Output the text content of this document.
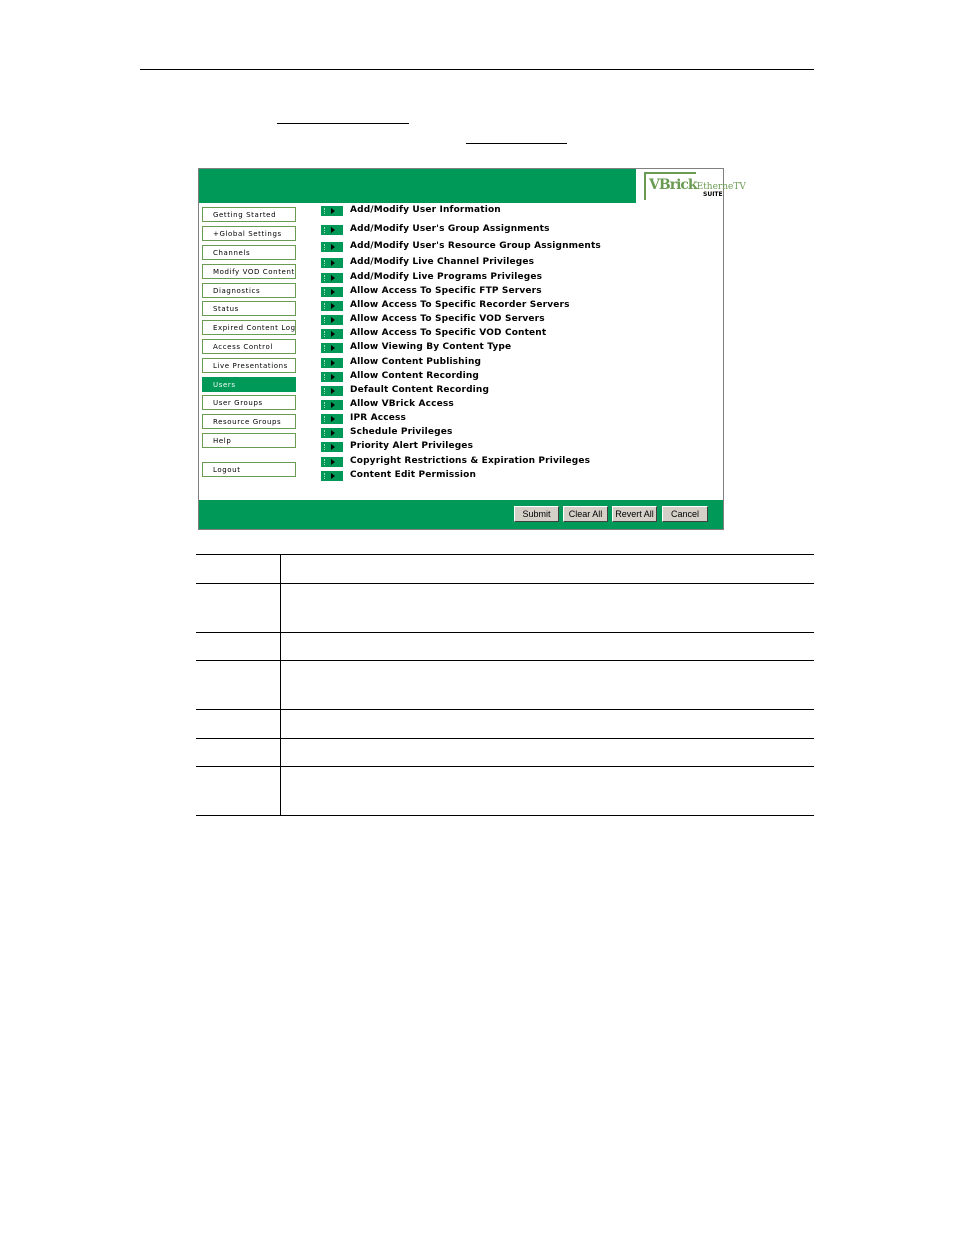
VBrickEtherneTV
SUITE
Getting Started
+Global Settings
Channels
Modify VOD Content
Diagnostics
Status
Expired Content Log
Access Control
Live Presentations
Users
User Groups
Resource Groups
Help
Logout
Add/Modify User Information
Add/Modify User's Group Assignments
Add/Modify User's Resource Group Assignments
Add/Modify Live Channel Privileges
Add/Modify Live Programs Privileges
Allow Access To Specific FTP Servers
Allow Access To Specific Recorder Servers
Allow Access To Specific VOD Servers
Allow Access To Specific VOD Content
Allow Viewing By Content Type
Allow Content Publishing
Allow Content Recording
Default Content Recording
Allow VBrick Access
IPR Access
Schedule Privileges
Priority Alert Privileges
Copyright Restrictions & Expiration Privileges
Content Edit Permission
Submit	Clear All	Revert All	Cancel
